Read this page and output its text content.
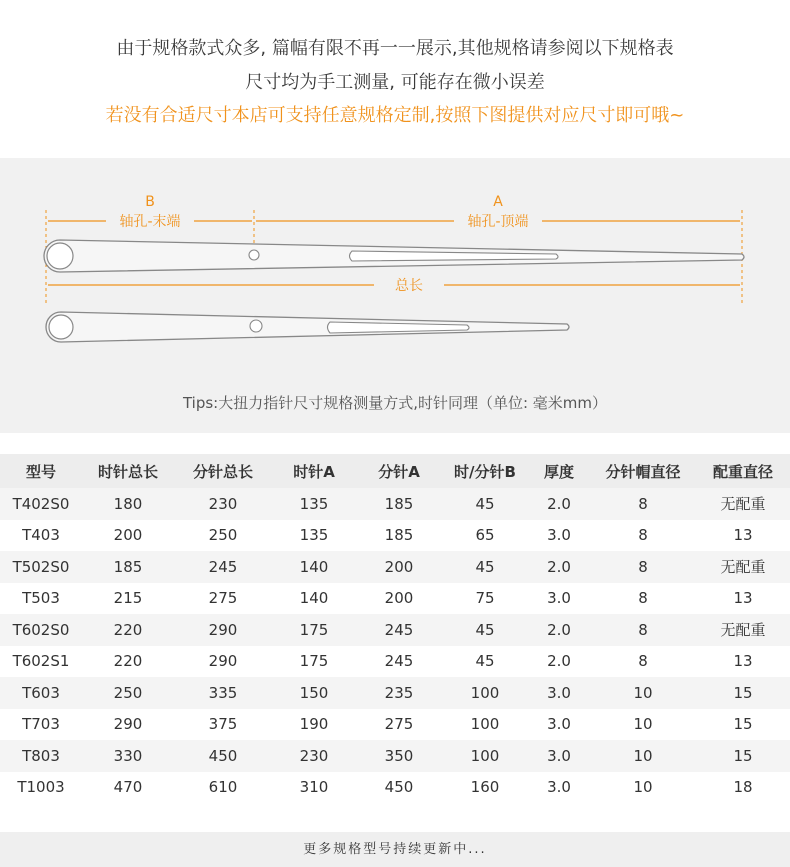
由于规格款式众多, 篇幅有限不再一一展示,其他规格请参阅以下规格表
尺寸均为手工测量, 可能存在微小误差
若没有合适尺寸本店可支持任意规格定制,按照下图提供对应尺寸即可哦~
B
轴孔-末端
A
轴孔-顶端
总长
Tips:大扭力指针尺寸规格测量方式,时针同理（单位: 毫米mm）
型号	时针总长	分针总长	时针A	分针A	时/分针B	厚度	分针帽直径	配重直径
T402S0	180	230	135	185	45	2.0	8	无配重
T403	200	250	135	185	65	3.0	8	13
T502S0	185	245	140	200	45	2.0	8	无配重
T503	215	275	140	200	75	3.0	8	13
T602S0	220	290	175	245	45	2.0	8	无配重
T602S1	220	290	175	245	45	2.0	8	13
T603	250	335	150	235	100	3.0	10	15
T703	290	375	190	275	100	3.0	10	15
T803	330	450	230	350	100	3.0	10	15
T1003	470	610	310	450	160	3.0	10	18
更多规格型号持续更新中...
